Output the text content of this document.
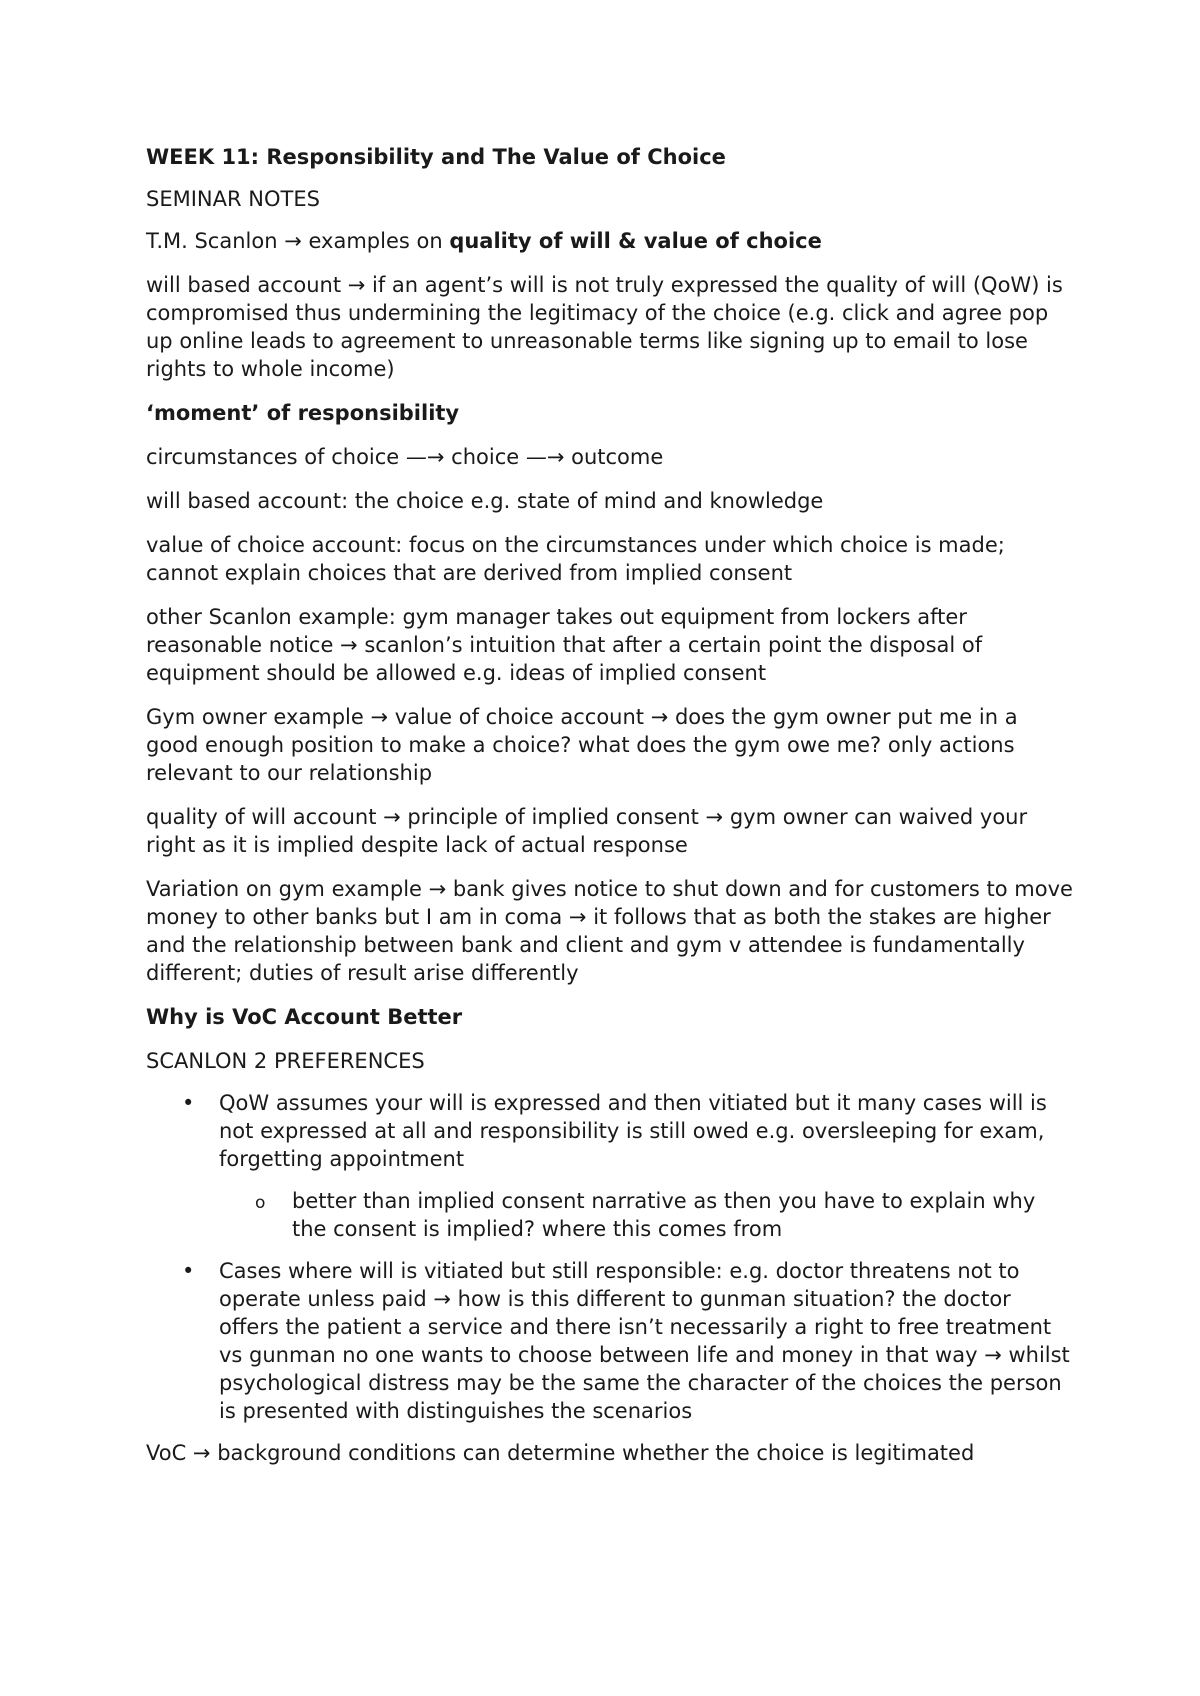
WEEK 11: Responsibility and The Value of Choice

SEMINAR NOTES

T.M. Scanlon → examples on quality of will & value of choice

will based account → if an agent’s will is not truly expressed the quality of will (QoW) is compromised thus undermining the legitimacy of the choice (e.g. click and agree pop up online leads to agreement to unreasonable terms like signing up to email to lose rights to whole income)

‘moment’ of responsibility

circumstances of choice —→ choice —→ outcome

will based account: the choice e.g. state of mind and knowledge

value of choice account: focus on the circumstances under which choice is made; cannot explain choices that are derived from implied consent

other Scanlon example: gym manager takes out equipment from lockers after reasonable notice → scanlon’s intuition that after a certain point the disposal of equipment should be allowed e.g. ideas of implied consent

Gym owner example → value of choice account → does the gym owner put me in a good enough position to make a choice? what does the gym owe me? only actions relevant to our relationship

quality of will account → principle of implied consent → gym owner can waived your right as it is implied despite lack of actual response

Variation on gym example → bank gives notice to shut down and for customers to move money to other banks but I am in coma → it follows that as both the stakes are higher and the relationship between bank and client and gym v attendee is fundamentally different; duties of result arise differently

Why is VoC Account Better

SCANLON 2 PREFERENCES

• QoW assumes your will is expressed and then vitiated but it many cases will is not expressed at all and responsibility is still owed e.g. oversleeping for exam, forgetting appointment
o better than implied consent narrative as then you have to explain why the consent is implied? where this comes from
• Cases where will is vitiated but still responsible: e.g. doctor threatens not to operate unless paid → how is this different to gunman situation? the doctor offers the patient a service and there isn’t necessarily a right to free treatment vs gunman no one wants to choose between life and money in that way → whilst psychological distress may be the same the character of the choices the person is presented with distinguishes the scenarios

VoC → background conditions can determine whether the choice is legitimated
